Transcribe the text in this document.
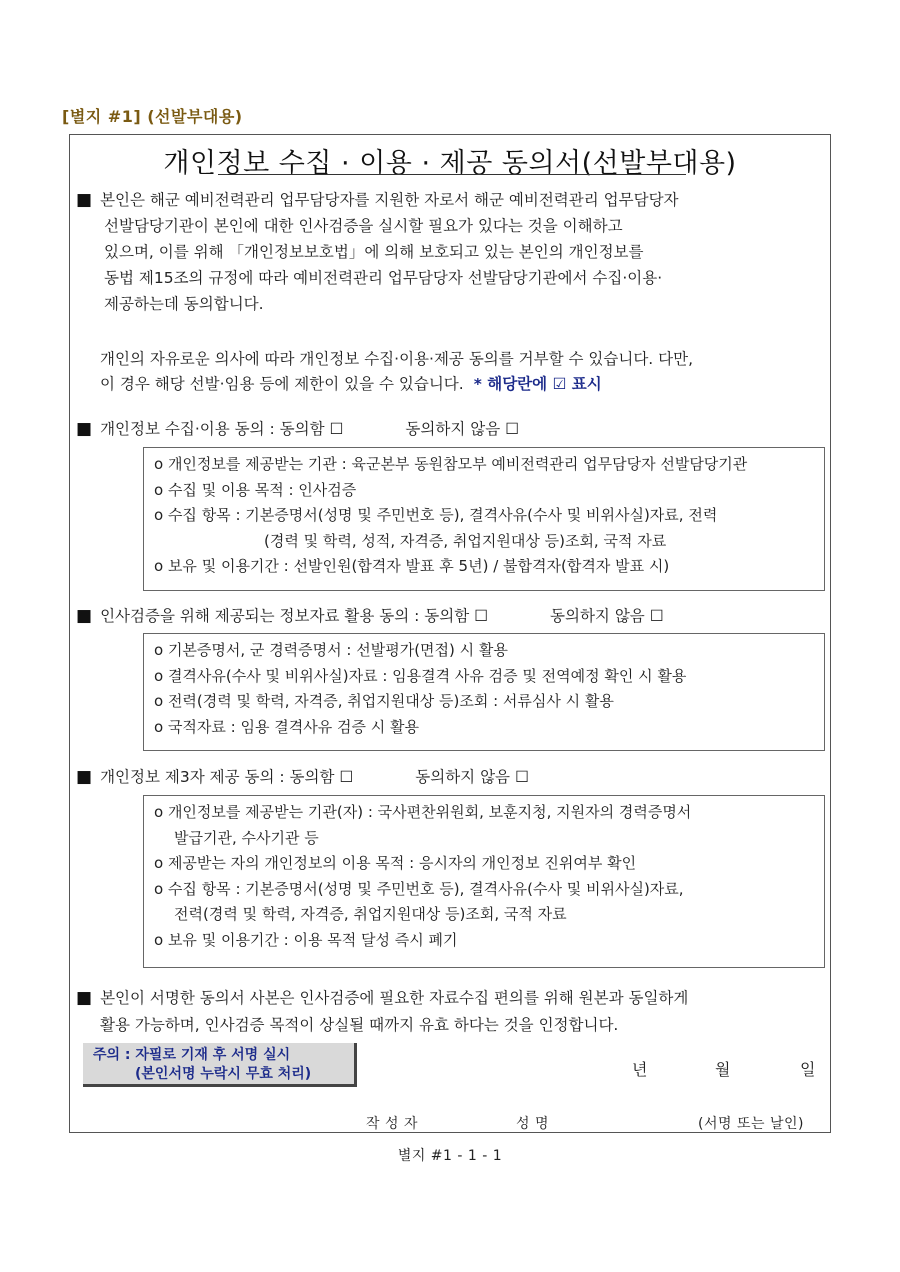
[별지 #1] (선발부대용)
개인정보 수집 · 이용 · 제공 동의서(선발부대용)

■ 본인은 해군 예비전력관리 업무담당자를 지원한 자로서 해군 예비전력관리 업무담당자
선발담당기관이 본인에 대한 인사검증을 실시할 필요가 있다는 것을 이해하고
있으며, 이를 위해 「개인정보보호법」에 의해 보호되고 있는 본인의 개인정보를
동법 제15조의 규정에 따라 예비전력관리 업무담당자 선발담당기관에서 수집·이용·
제공하는데 동의합니다.

개인의 자유로운 의사에 따라 개인정보 수집·이용·제공 동의를 거부할 수 있습니다. 다만,
이 경우 해당 선발·임용 등에 제한이 있을 수 있습니다. * 해당란에 ☑ 표시

■ 개인정보 수집·이용 동의 : 동의함 ☐	동의하지 않음 ☐
o 개인정보를 제공받는 기관 : 육군본부 동원참모부 예비전력관리 업무담당자 선발담당기관
o 수집 및 이용 목적 : 인사검증
o 수집 항목 : 기본증명서(성명 및 주민번호 등), 결격사유(수사 및 비위사실)자료, 전력
(경력 및 학력, 성적, 자격증, 취업지원대상 등)조회, 국적 자료
o 보유 및 이용기간 : 선발인원(합격자 발표 후 5년) / 불합격자(합격자 발표 시)
■ 인사검증을 위해 제공되는 정보자료 활용 동의 : 동의함 ☐	동의하지 않음 ☐
o 기본증명서, 군 경력증명서 : 선발평가(면접) 시 활용
o 결격사유(수사 및 비위사실)자료 : 임용결격 사유 검증 및 전역예정 확인 시 활용
o 전력(경력 및 학력, 자격증, 취업지원대상 등)조회 : 서류심사 시 활용
o 국적자료 : 임용 결격사유 검증 시 활용
■ 개인정보 제3자 제공 동의 : 동의함 ☐	동의하지 않음 ☐
o 개인정보를 제공받는 기관(자) : 국사편찬위원회, 보훈지청, 지원자의 경력증명서
발급기관, 수사기관 등
o 제공받는 자의 개인정보의 이용 목적 : 응시자의 개인정보 진위여부 확인
o 수집 항목 : 기본증명서(성명 및 주민번호 등), 결격사유(수사 및 비위사실)자료,
전력(경력 및 학력, 자격증, 취업지원대상 등)조회, 국적 자료
o 보유 및 이용기간 : 이용 목적 달성 즉시 폐기

■ 본인이 서명한 동의서 사본은 인사검증에 필요한 자료수집 편의를 위해 원본과 동일하게
활용 가능하며, 인사검증 목적이 상실될 때까지 유효 하다는 것을 인정합니다.

주의 : 자필로 기재 후 서명 실시
(본인서명 누락시 무효 처리)	년	월	일
작 성 자	성 명	(서명 또는 날인)
별지 #1 - 1 - 1
